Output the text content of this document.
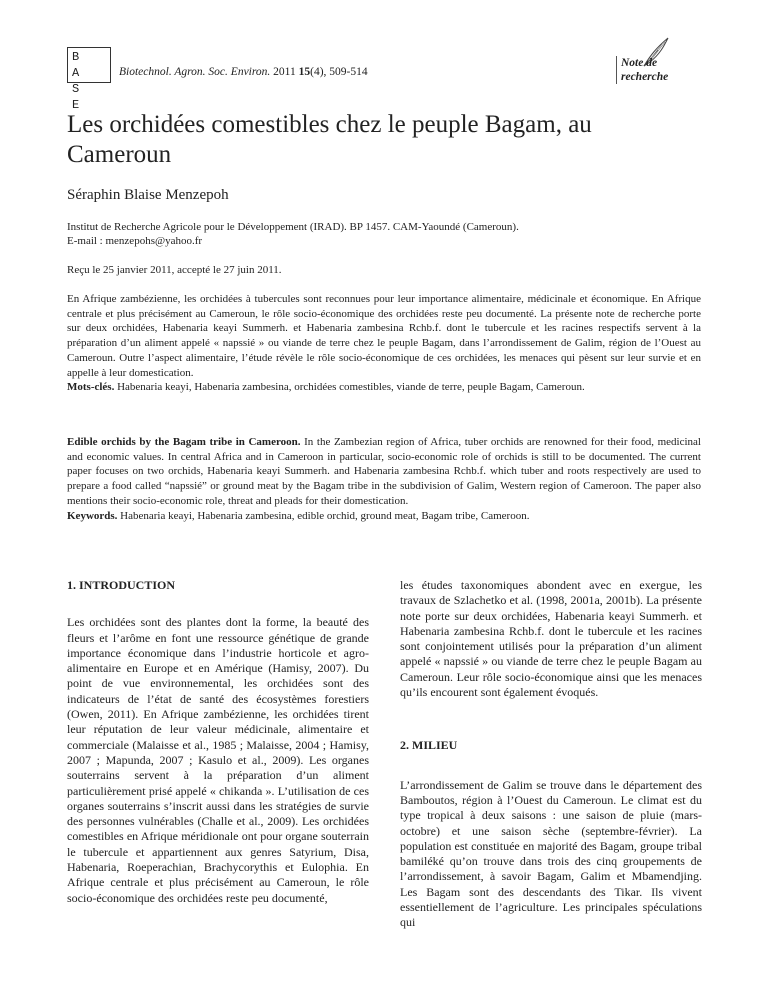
B A
S E
Biotechnol. Agron. Soc. Environ. 2011 15(4), 509-514
Note de recherche
Les orchidées comestibles chez le peuple Bagam, au Cameroun
Séraphin Blaise Menzepoh
Institut de Recherche Agricole pour le Développement (IRAD). BP 1457. CAM-Yaoundé (Cameroun).
E-mail : menzepohs@yahoo.fr
Reçu le 25 janvier 2011, accepté le 27 juin 2011.
En Afrique zambézienne, les orchidées à tubercules sont reconnues pour leur importance alimentaire, médicinale et économique. En Afrique centrale et plus précisément au Cameroun, le rôle socio-économique des orchidées reste peu documenté. La présente note de recherche porte sur deux orchidées, Habenaria keayi Summerh. et Habenaria zambesina Rchb.f. dont le tubercule et les racines respectifs servent à la préparation d’un aliment appelé « napssié » ou viande de terre chez le peuple Bagam, dans l’arrondissement de Galim, région de l’Ouest au Cameroun. Outre l’aspect alimentaire, l’étude révèle le rôle socio-économique de ces orchidées, les menaces qui pèsent sur leur survie et en appelle à leur domestication.
Mots-clés. Habenaria keayi, Habenaria zambesina, orchidées comestibles, viande de terre, peuple Bagam, Cameroun.
Edible orchids by the Bagam tribe in Cameroon. In the Zambezian region of Africa, tuber orchids are renowned for their food, medicinal and economic values. In central Africa and in Cameroon in particular, socio-economic role of orchids is still to be documented. The current paper focuses on two orchids, Habenaria keayi Summerh. and Habenaria zambesina Rchb.f. which tuber and roots respectively are used to prepare a food called “napssié” or ground meat by the Bagam tribe in the subdivision of Galim, Western region of Cameroon. The paper also mentions their socio-economic role, threat and pleads for their domestication.
Keywords. Habenaria keayi, Habenaria zambesina, edible orchid, ground meat, Bagam tribe, Cameroon.
1. INTRODUCTION

Les orchidées sont des plantes dont la forme, la beauté des fleurs et l’arôme en font une ressource génétique de grande importance économique dans l’industrie horticole et agro-alimentaire en Europe et en Amérique (Hamisy, 2007). Du point de vue environnemental, les orchidées sont des indicateurs de l’état de santé des écosystèmes forestiers (Owen, 2011). En Afrique zambézienne, les orchidées tirent leur réputation de leur valeur médicinale, alimentaire et commerciale (Malaisse et al., 1985 ; Malaisse, 2004 ; Hamisy, 2007 ; Mapunda, 2007 ; Kasulo et al., 2009). Les organes souterrains servent à la préparation d’un aliment particulièrement prisé appelé « chikanda ». L’utilisation de ces organes souterrains s’inscrit aussi dans les stratégies de survie des personnes vulnérables (Challe et al., 2009). Les orchidées comestibles en Afrique méridionale ont pour organe souterrain le tubercule et appartiennent aux genres Satyrium, Disa, Habenaria, Roeperachian, Brachycorythis et Eulophia. En Afrique centrale et plus précisément au Cameroun, le rôle socio-économique des orchidées reste peu documenté,

les études taxonomiques abondent avec en exergue, les travaux de Szlachetko et al. (1998, 2001a, 2001b). La présente note porte sur deux orchidées, Habenaria keayi Summerh. et Habenaria zambesina Rchb.f. dont le tubercule et les racines sont conjointement utilisés pour la préparation d’un aliment appelé « napssié » ou viande de terre chez le peuple Bagam au Cameroun. Leur rôle socio-économique ainsi que les menaces qu’ils encourent sont également évoqués.

2. MILIEU

L’arrondissement de Galim se trouve dans le département des Bamboutos, région à l’Ouest du Cameroun. Le climat est du type tropical à deux saisons : une saison de pluie (mars-octobre) et une saison sèche (septembre-février). La population est constituée en majorité des Bagam, groupe tribal bamiléké qu’on trouve dans trois des cinq groupements de l’arrondissement, à savoir Bagam, Galim et Mbamendjing. Les Bagam sont des descendants des Tikar. Ils vivent essentiellement de l’agriculture. Les principales spéculations qui
